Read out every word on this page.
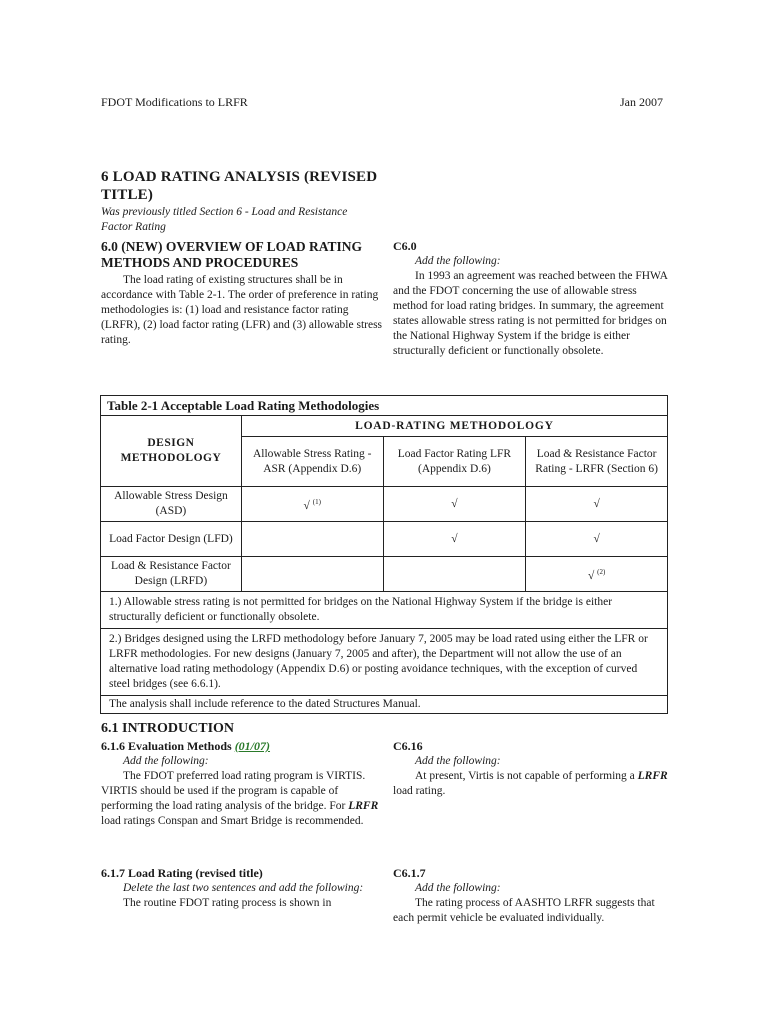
FDOT Modifications to LRFR	Jan 2007
6 LOAD RATING ANALYSIS (REVISED TITLE)
Was previously titled Section 6 - Load and Resistance Factor Rating
6.0 (NEW) OVERVIEW OF LOAD RATING METHODS AND PROCEDURES

The load rating of existing structures shall be in accordance with Table 2-1. The order of preference in rating methodologies is: (1) load and resistance factor rating (LRFR), (2) load factor rating (LFR) and (3) allowable stress rating.

C6.0

Add the following:

In 1993 an agreement was reached between the FHWA and the FDOT concerning the use of allowable stress method for load rating bridges. In summary, the agreement states allowable stress rating is not permitted for bridges on the National Highway System if the bridge is either structurally deficient or functionally obsolete.

Table 2-1 Acceptable Load Rating Methodologies			
DESIGN METHODOLOGY	LOAD-RATING METHODOLOGY		
	Allowable Stress Rating - ASR (Appendix D.6)	Load Factor Rating LFR (Appendix D.6)	Load & Resistance Factor Rating - LRFR (Section 6)
Allowable Stress Design (ASD)	√ $^{(1)}$	√	√
Load Factor Design (LFD)		√	√
Load & Resistance Factor Design (LRFD)			√ $^{(2)}$
1.) Allowable stress rating is not permitted for bridges on the National Highway System if the bridge is either structurally deficient or functionally obsolete.			
2.) Bridges designed using the LRFD methodology before January 7, 2005 may be load rated using either the LFR or LRFR methodologies. For new designs (January 7, 2005 and after), the Department will not allow the use of an alternative load rating methodology (Appendix D.6) or posting avoidance techniques, with the exception of curved steel bridges (see 6.6.1).			
The analysis shall include reference to the dated Structures Manual.			
6.1 INTRODUCTION
6.1.6 Evaluation Methods (01/07)

Add the following:

The FDOT preferred load rating program is VIRTIS. VIRTIS should be used if the program is capable of performing the load rating analysis of the bridge. For LRFR load ratings Conspan and Smart Bridge is recommended.

C6.16

Add the following:

At present, Virtis is not capable of performing a LRFR load rating.

6.1.7 Load Rating (revised title)

Delete the last two sentences and add the following:

The routine FDOT rating process is shown in

C6.1.7

Add the following:

The rating process of AASHTO LRFR suggests that each permit vehicle be evaluated individually.
